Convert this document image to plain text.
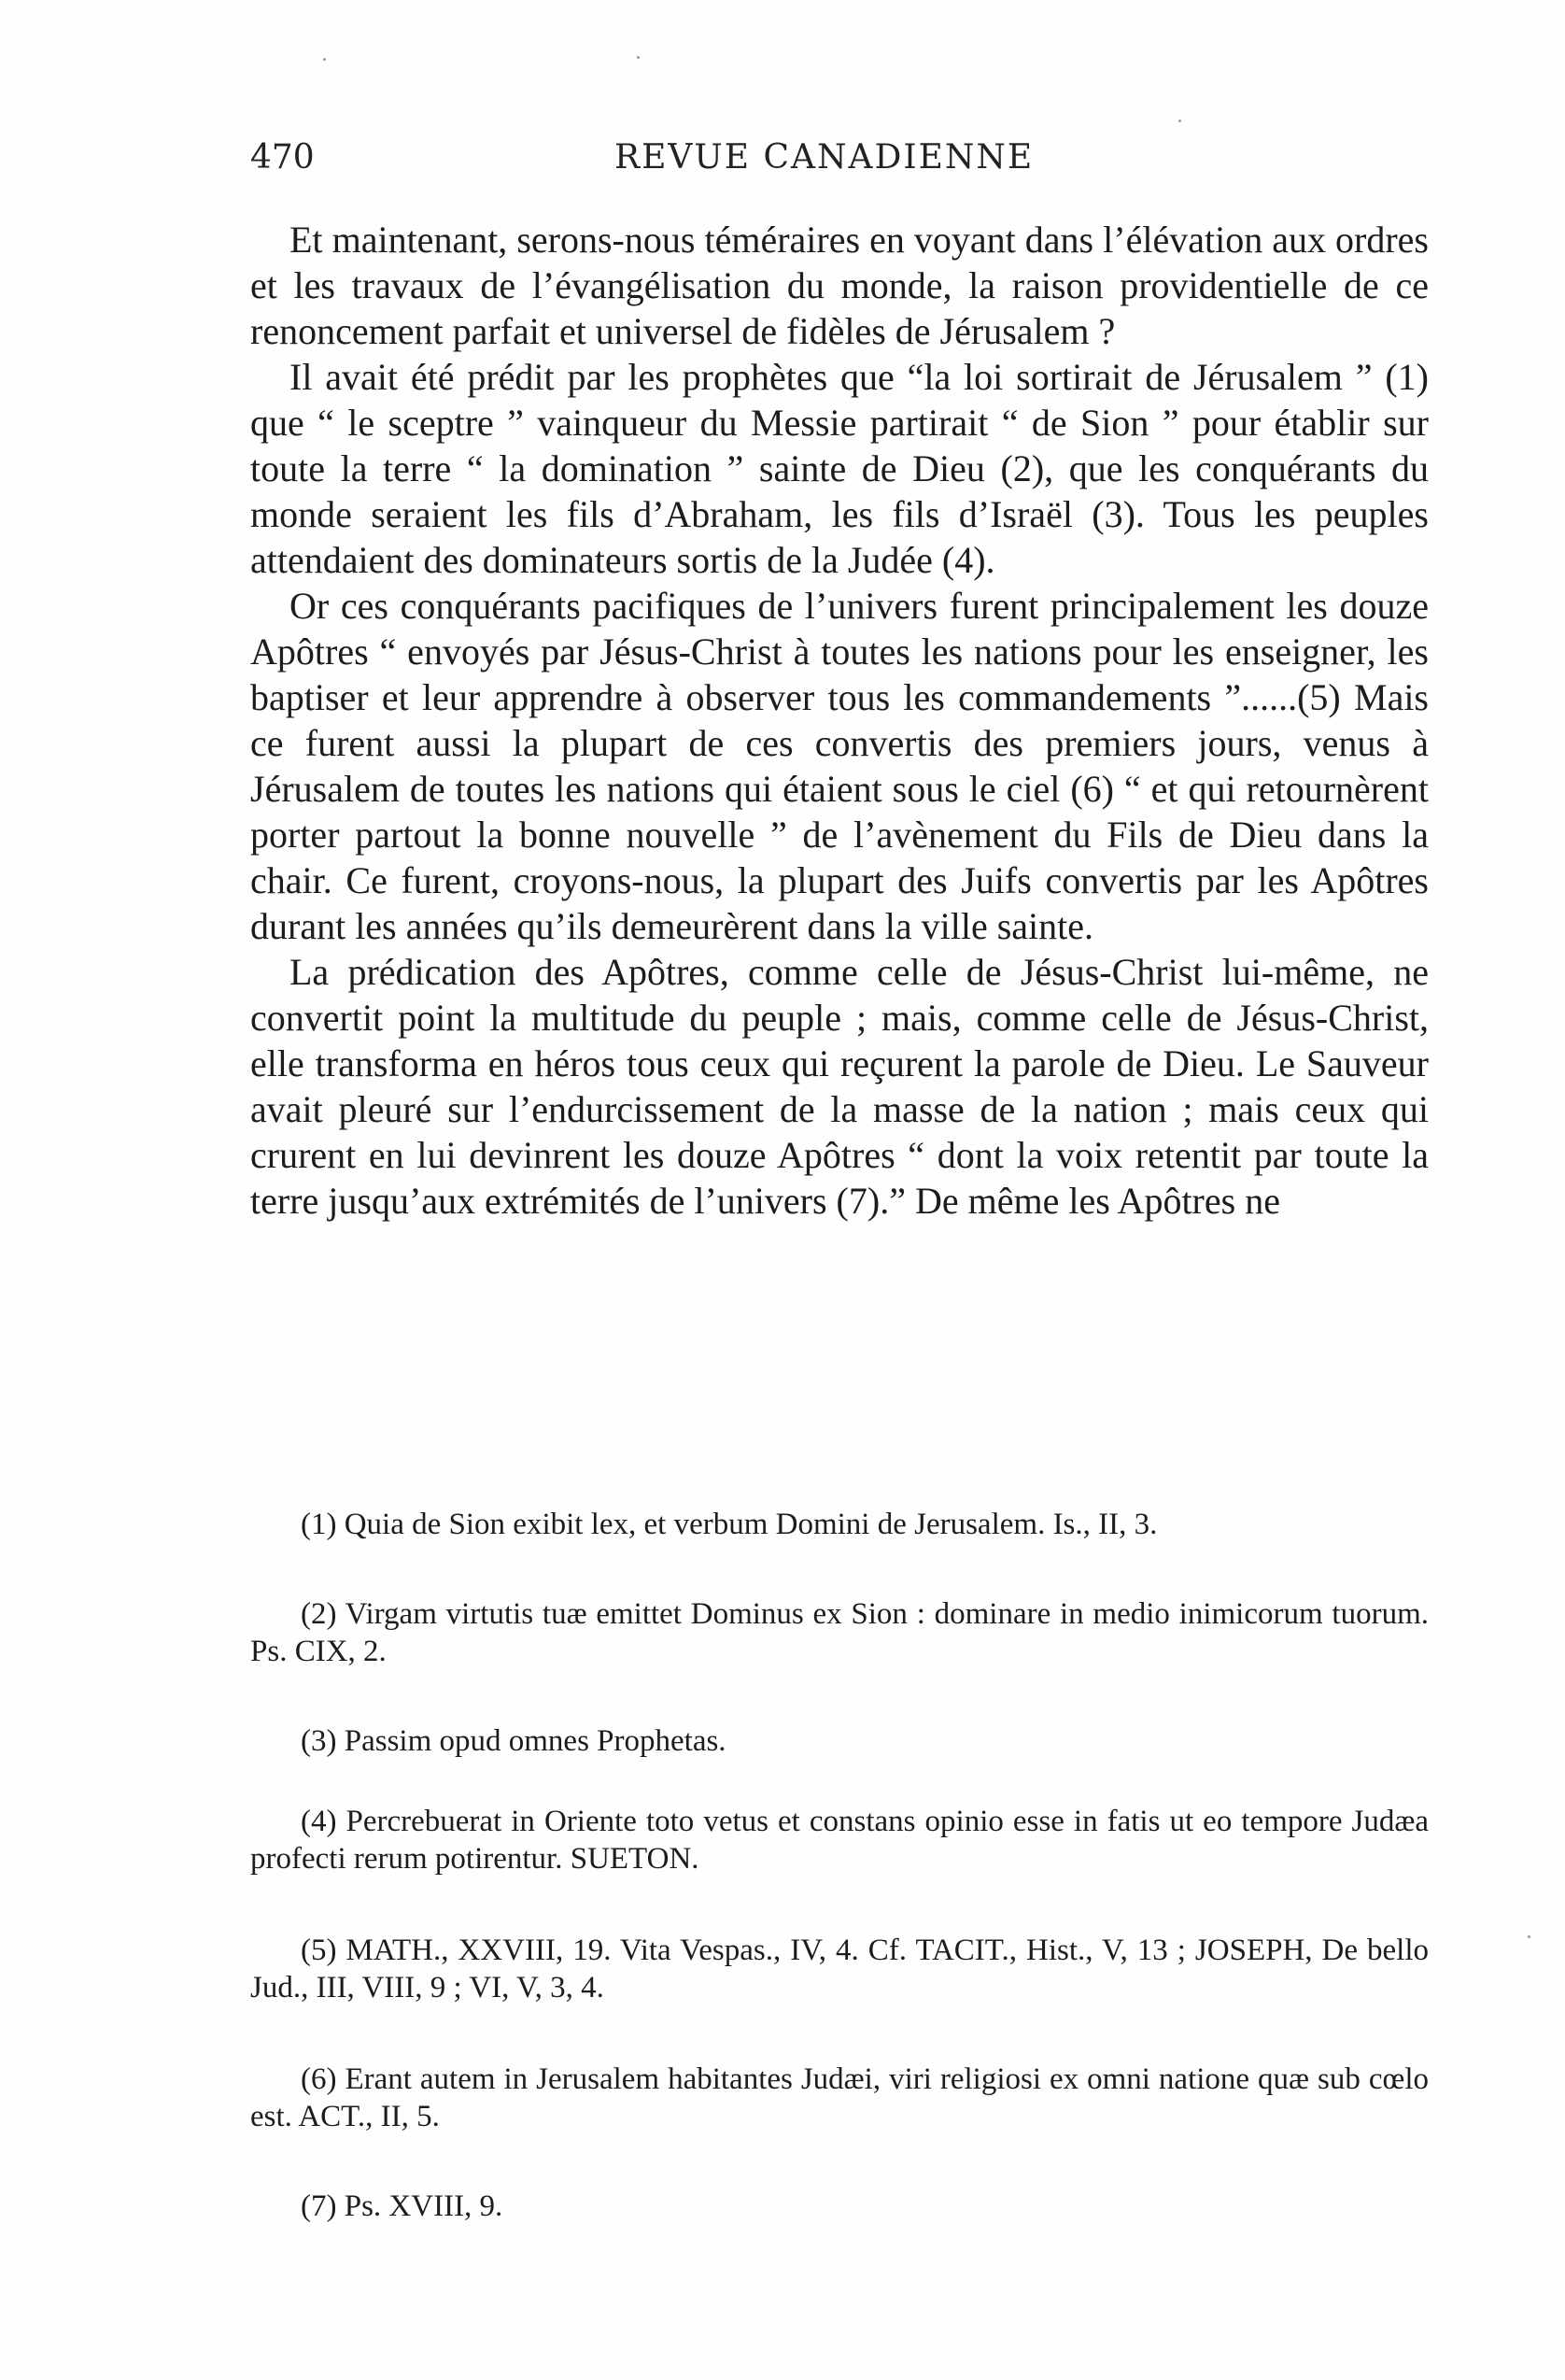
470	REVUE CANADIENNE

Et maintenant, serons-nous téméraires en voyant dans l’élévation aux ordres et les travaux de l’évangélisation du monde, la raison providentielle de ce renoncement parfait et universel de fidèles de Jérusalem ?

Il avait été prédit par les prophètes que “la loi sortirait de Jérusalem ” (1) que “ le sceptre ” vainqueur du Messie partirait “ de Sion ” pour établir sur toute la terre “ la domination ” sainte de Dieu (2), que les conquérants du monde seraient les fils d’Abraham, les fils d’Israël (3). Tous les peuples attendaient des dominateurs sortis de la Judée (4).

Or ces conquérants pacifiques de l’univers furent principalement les douze Apôtres “ envoyés par Jésus-Christ à toutes les nations pour les enseigner, les baptiser et leur apprendre à observer tous les commandements ”......(5) Mais ce furent aussi la plupart de ces convertis des premiers jours, venus à Jérusalem de toutes les nations qui étaient sous le ciel (6) “ et qui retournèrent porter partout la bonne nouvelle ” de l’avènement du Fils de Dieu dans la chair. Ce furent, croyons-nous, la plupart des Juifs convertis par les Apôtres durant les années qu’ils demeurèrent dans la ville sainte.

La prédication des Apôtres, comme celle de Jésus-Christ lui-même, ne convertit point la multitude du peuple ; mais, comme celle de Jésus-Christ, elle transforma en héros tous ceux qui reçurent la parole de Dieu. Le Sauveur avait pleuré sur l’endurcissement de la masse de la nation ; mais ceux qui crurent en lui devinrent les douze Apôtres “ dont la voix retentit par toute la terre jusqu’aux extrémités de l’univers (7).” De même les Apôtres ne

(1) Quia de Sion exibit lex, et verbum Domini de Jerusalem. Is., II, 3.

(2) Virgam virtutis tuæ emittet Dominus ex Sion : dominare in medio inimicorum tuorum. Ps. CIX, 2.

(3) Passim opud omnes Prophetas.

(4) Percrebuerat in Oriente toto vetus et constans opinio esse in fatis ut eo tempore Judæa profecti rerum potirentur. SUETON.

(5) MATH., XXVIII, 19. Vita Vespas., IV, 4. Cf. TACIT., Hist., V, 13 ; JOSEPH, De bello Jud., III, VIII, 9 ; VI, V, 3, 4.

(6) Erant autem in Jerusalem habitantes Judæi, viri religiosi ex omni natione quæ sub cœlo est. ACT., II, 5.

(7) Ps. XVIII, 9.
